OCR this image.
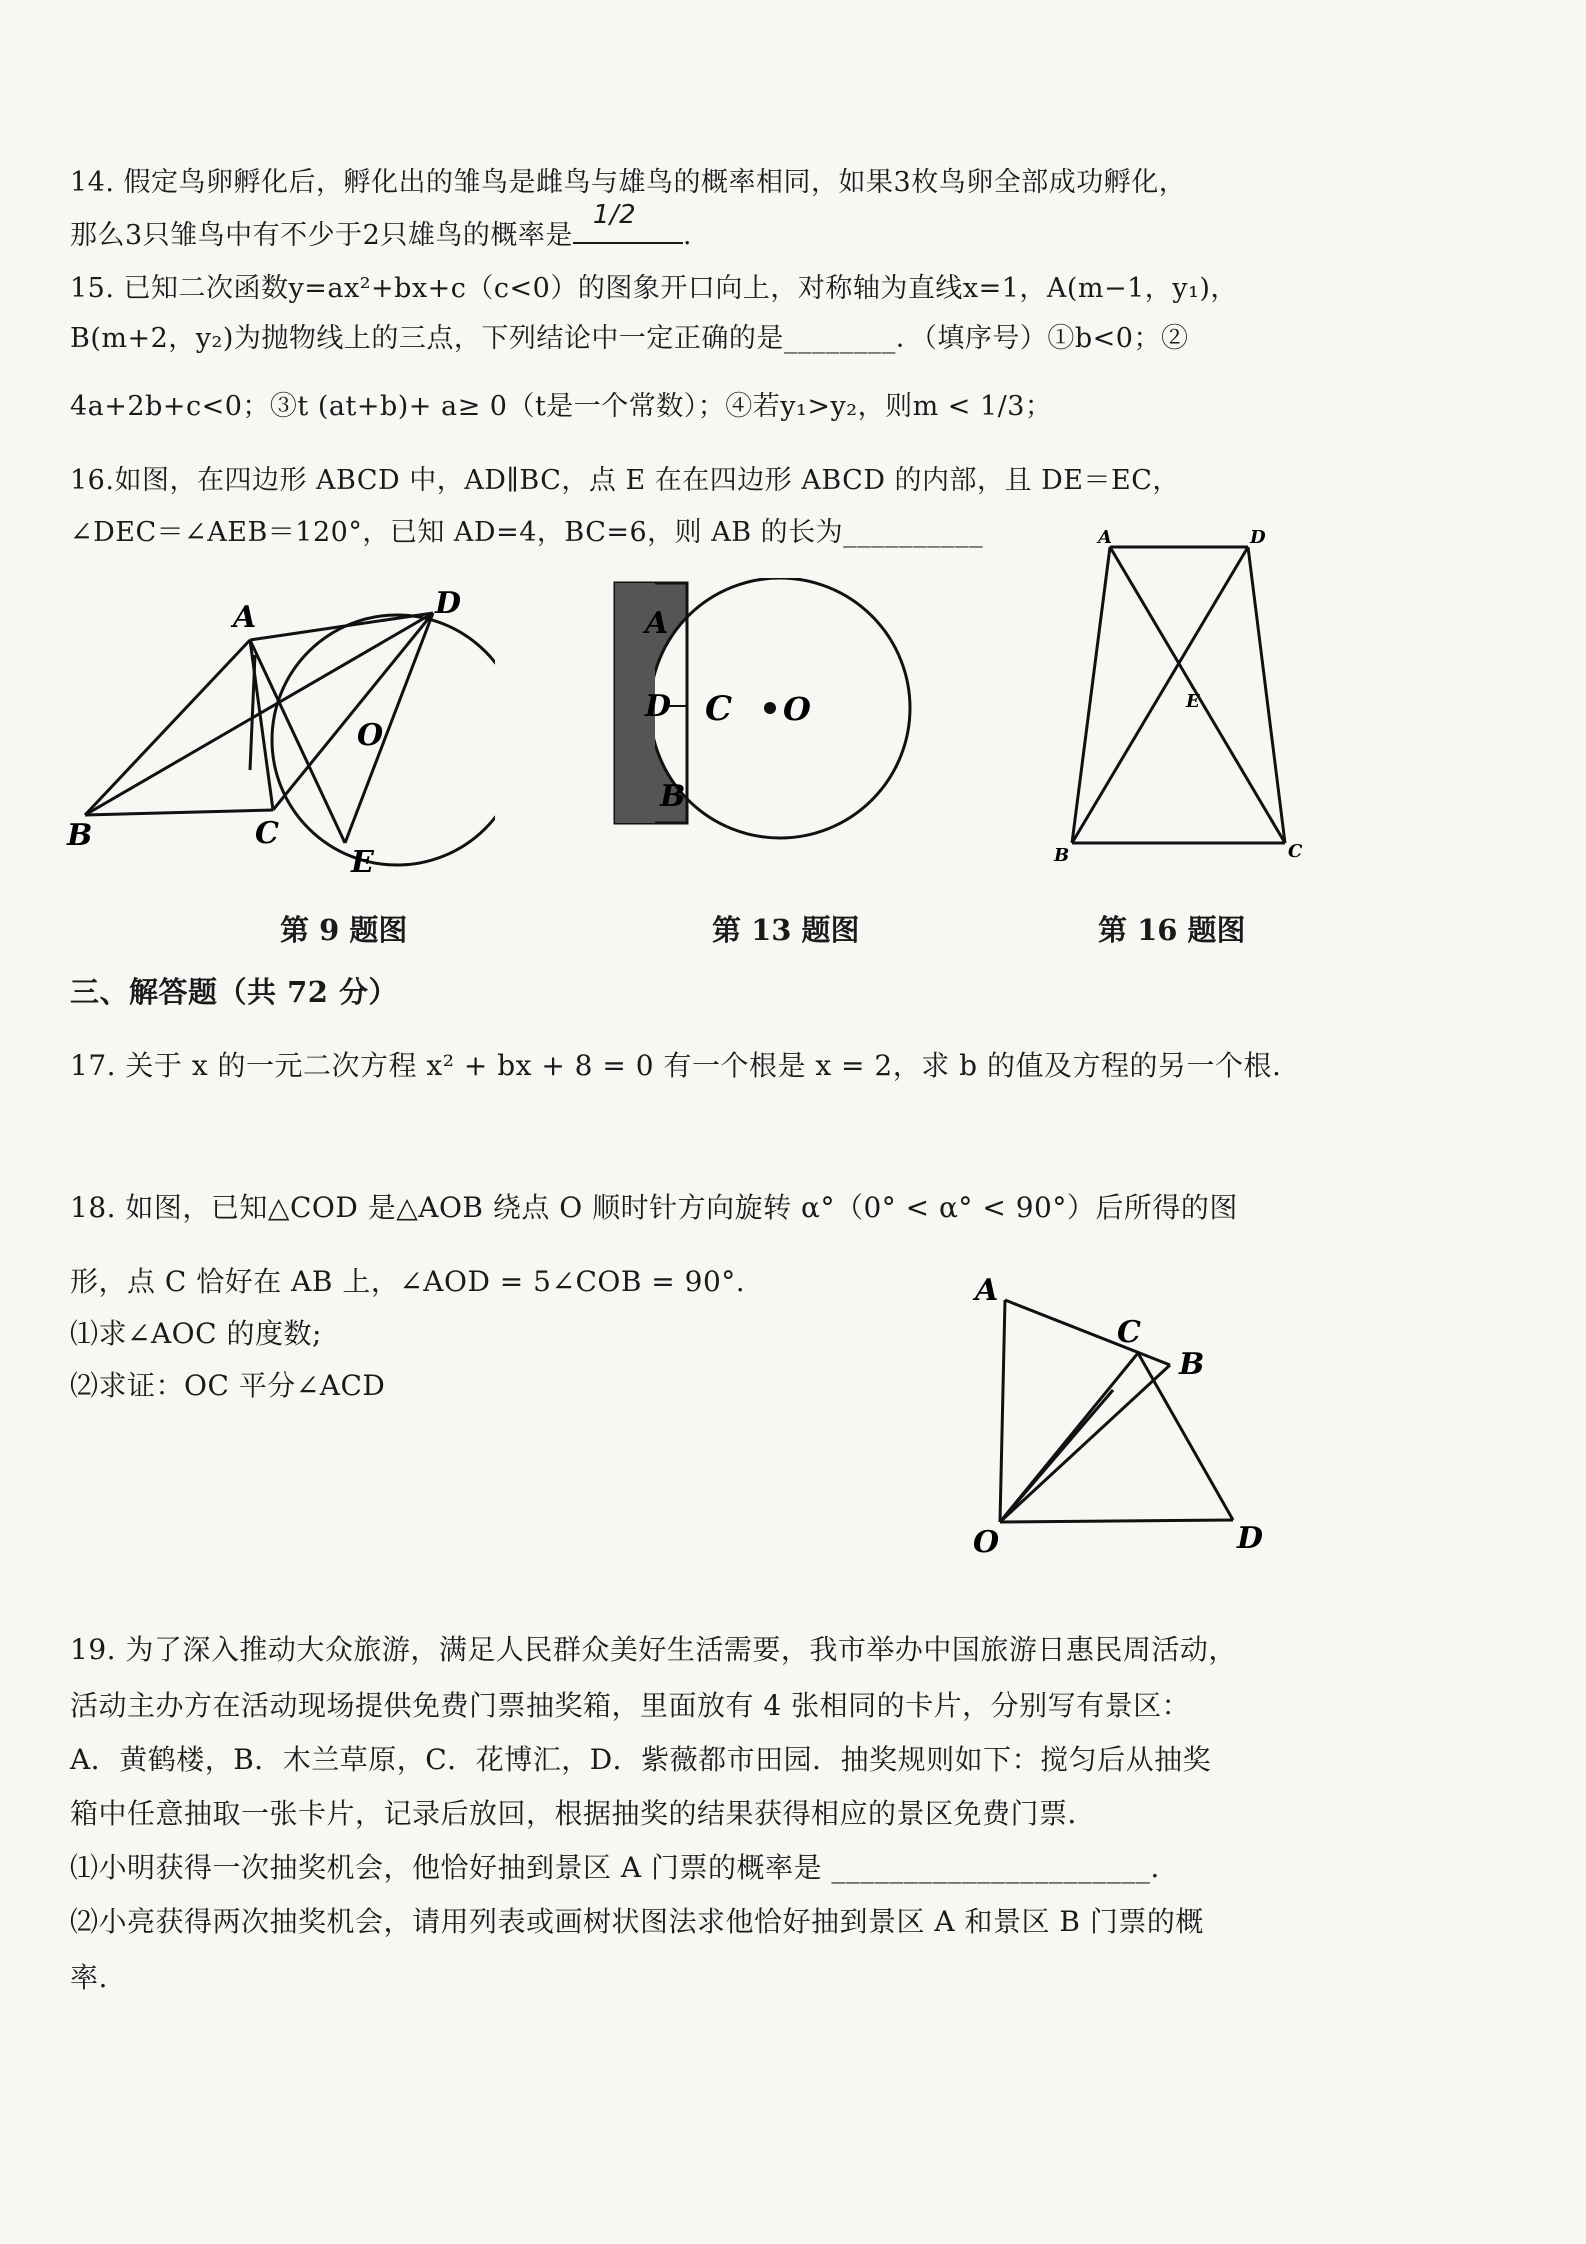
14. 假定鸟卵孵化后，孵化出的雏鸟是雌鸟与雄鸟的概率相同，如果3枚鸟卵全部成功孵化，
那么3只雏鸟中有不少于2只雄鸟的概率是
1/2
.
15. 已知二次函数y=ax²+bx+c（c<0）的图象开口向上，对称轴为直线x=1，A(m−1，y₁)，
B(m+2，y₂)为抛物线上的三点，下列结论中一定正确的是________．（填序号）①b<0；②
4a+2b+c<0；③t (at+b)+ a≥ 0（t是一个常数）；④若y₁>y₂，则m < 1/3；
16.如图，在四边形 ABCD 中，AD∥BC，点 E 在在四边形 ABCD 的内部，且 DE＝EC，
∠DEC＝∠AEB＝120°，已知 AD=4，BC=6，则 AB 的长为__________
A	D
O
B	C
E
第 9 题图
A
D C O
B
第 13 题图
A	D
E
B	C
第 16 题图
三、解答题（共 72 分）
17. 关于 x 的一元二次方程 x² + bx + 8 = 0 有一个根是 x = 2，求 b 的值及方程的另一个根.
18. 如图，已知△COD 是△AOB 绕点 O 顺时针方向旋转 α°（0° < α° < 90°）后所得的图
形，点 C 恰好在 AB 上，∠AOD = 5∠COB = 90°.
⑴求∠AOC 的度数;
⑵求证：OC 平分∠ACD
A
C
B
O	D
19. 为了深入推动大众旅游，满足人民群众美好生活需要，我市举办中国旅游日惠民周活动，
活动主办方在活动现场提供免费门票抽奖箱，里面放有 4 张相同的卡片，分别写有景区：
A．黄鹤楼，B．木兰草原，C．花博汇，D．紫薇都市田园．抽奖规则如下：搅匀后从抽奖
箱中任意抽取一张卡片，记录后放回，根据抽奖的结果获得相应的景区免费门票．
⑴小明获得一次抽奖机会，他恰好抽到景区 A 门票的概率是 ______________________.
⑵小亮获得两次抽奖机会，请用列表或画树状图法求他恰好抽到景区 A 和景区 B 门票的概
率.
